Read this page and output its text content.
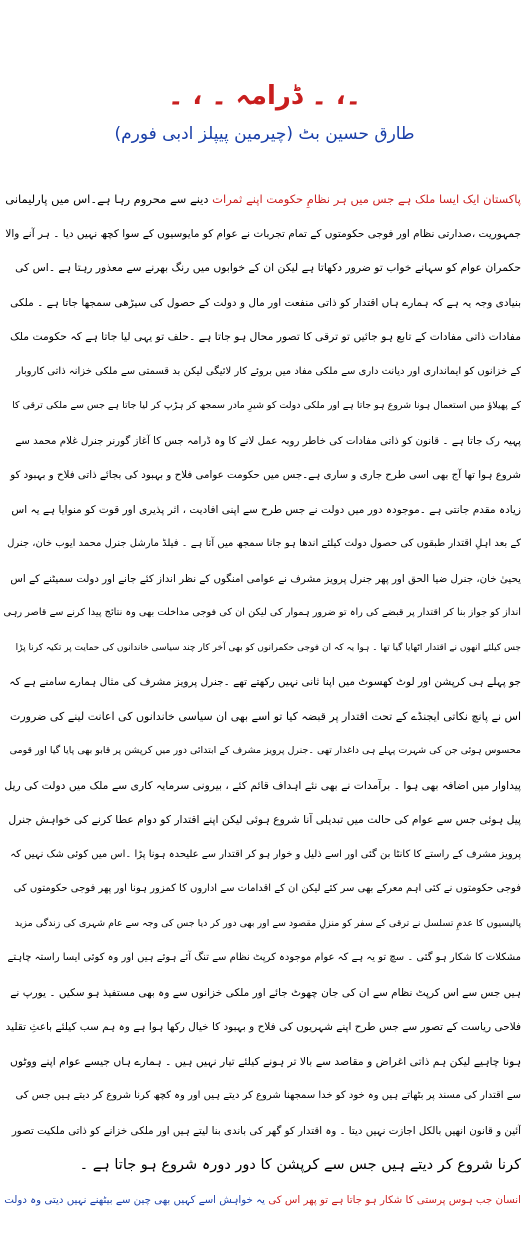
۔، ۔ ڈرامہ ۔ ، ۔
طارق حسین بٹ (چیرمین پیپلز ادبی فورم)
پاکستان ایک ایسا ملک ہے جس میں ہر نظامِ حکومت اپنے ثمرات دینے سے محروم رہا ہے۔اس میں پارلیمانی
جمہوریت ،صدارتی نظام اور فوجی حکومتوں کے تمام تجربات نے عوام کو مایوسیوں کے سوا کچھ نہیں دیا ۔ ہر آنے والا
حکمران عوام کو سہانے خواب تو ضرور دکھاتا ہے لیکن ان کے خوابوں میں رنگ بھرنے سے معذور رہتا ہے ۔اس کی
بنیادی وجہ یہ ہے کہ ہمارے ہاں اقتدار کو ذاتی منفعت اور مال و دولت کے حصول کی سیڑھی سمجھا جاتا ہے ۔ ملکی
مفادات ذاتی مفادات کے تابع ہو جائیں تو ترقی کا تصور محال ہو جاتا ہے ۔حلف تو یہی لیا جاتا ہے کہ حکومت ملک
کے خزانوں کو ایمانداری اور دیانت داری سے ملکی مفاد میں بروئے کار لائیگی لیکن بد قسمتی سے ملکی خزانہ ذاتی کاروبار
کے پھیلاؤ میں استعمال ہونا شروع ہو جاتا ہے اور ملکی دولت کو شیرِ مادر سمجھ کر ہڑپ کر لیا جاتا ہے جس سے ملکی ترقی کا
پہیہ رک جاتا ہے ۔ قانون کو ذاتی مفادات کی خاطر روبہ عمل لانے کا وہ ڈرامہ جس کا آغاز گورنر جنرل غلام محمد سے
شروع ہوا تھا آج بھی اسی طرح جاری و ساری ہے۔جس میں حکومت عوامی فلاح و بہبود کی بجائے ذاتی فلاح و بہبود کو
زیادہ مقدم جانتی ہے ۔موجودہ دور میں دولت نے جس طرح سے اپنی افادیت ، اثر پذیری اور قوت کو منوایا ہے یہ اس
کے بعد اہلِ اقتدار طبقوں کی حصول دولت کیلئے اندھا ہو جانا سمجھ میں آتا ہے ۔ فیلڈ مارشل جنرل محمد ایوب خان، جنرل
یحییٰ خان، جنرل ضیا الحق اور پھر جنرل پرویز مشرف نے عوامی امنگوں کے نظر انداز کئے جانے اور دولت سمیٹنے کے اس
انداز کو جواز بنا کر اقتدار پر قبضے کی راہ تو ضرور ہموار کی لیکن ان کی فوجی مداخلت بھی وہ نتائج پیدا کرنے سے قاصر رہی
جس کیلئے انھوں نے اقتدار اٹھایا گیا تھا ۔ ہوا یہ کہ ان فوجی حکمرانوں کو بھی آخر کار چند سیاسی خاندانوں کی حمایت پر تکیہ کرنا پڑا
جو پہلے ہی کرپشن اور لوٹ کھسوٹ میں اپنا ثانی نہیں رکھتے تھے ۔جنرل پرویز مشرف کی مثال ہمارے سامنے ہے کہ
اس نے پانچ نکاتی ایجنڈے کے تحت اقتدار پر قبضہ کیا تو اسے بھی ان سیاسی خاندانوں کی اعانت لینے کی ضرورت
محسوس ہوئی جن کی شہرت پہلے ہی داغدار تھی ۔جنرل پرویز مشرف کے ابتدائی دور میں کرپشن پر قابو بھی پایا گیا اور قومی
پیداوار میں اضافہ بھی ہوا ۔ برآمدات نے بھی نئے اہداف قائم کئے ، بیرونی سرمایہ کاری سے ملک میں دولت کی ریل
پیل ہوئی جس سے عوام کی حالت میں تبدیلی آنا شروع ہوئی لیکن اپنے اقتدار کو دوام عطا کرنے کی خواہش جنرل
پرویز مشرف کے راستے کا کانٹا بن گئی اور اسے ذلیل و خوار ہو کر اقتدار سے علیحدہ ہونا پڑا ۔اس میں کوئی شک نہیں کہ
فوجی حکومتوں نے کئی اہم معرکے بھی سر کئے لیکن ان کے اقدامات سے اداروں کا کمزور ہونا اور پھر فوجی حکومتوں کی
پالیسیوں کا عدمِ تسلسل نے ترقی کے سفر کو منزلِ مقصود سے اور بھی دور کر دیا جس کی وجہ سے عام شہری کی زندگی مزید
مشکلات کا شکار ہو گئی ۔ سچ تو یہ ہے کہ عوام موجودہ کرپٹ نظام سے تنگ آئے ہوئے ہیں اور وہ کوئی ایسا راستہ چاہتے
ہیں جس سے اس کرپٹ نظام سے ان کی جان چھوٹ جائے اور ملکی خزانوں سے وہ بھی مستفیذ ہو سکیں ۔ یورپ نے
فلاحی ریاست کے تصور سے جس طرح اپنے شہریوں کی فلاح و بہبود کا خیال رکھا ہوا ہے وہ ہم سب کیلئے باعثِ تقلید
ہونا چاہیے لیکن ہم ذاتی اغراض و مقاصد سے بالا تر ہونے کیلئے تیار نہیں ہیں ۔ ہمارے ہاں جیسے عوام اپنے ووٹوں
سے اقتدار کی مسند پر بٹھاتے ہیں وہ خود کو خدا سمجھنا شروع کر دیتے ہیں اور وہ کچھ کرنا شروع کر دیتے ہیں جس کی
آئین و قانون انھیں بالکل اجازت نہیں دیتا ۔ وہ اقتدار کو گھر کی باندی بنا لیتے ہیں اور ملکی خزانے کو ذاتی ملکیت تصور
کرنا شروع کر دیتے ہیں جس سے کرپشن کا دور دورہ شروع ہو جاتا ہے ۔
انسان جب ہوس پرستی کا شکار ہو جاتا ہے تو پھر اس کی یہ خواہش اسے کہیں بھی چین سے بیٹھنے نہیں دیتی وہ دولت
